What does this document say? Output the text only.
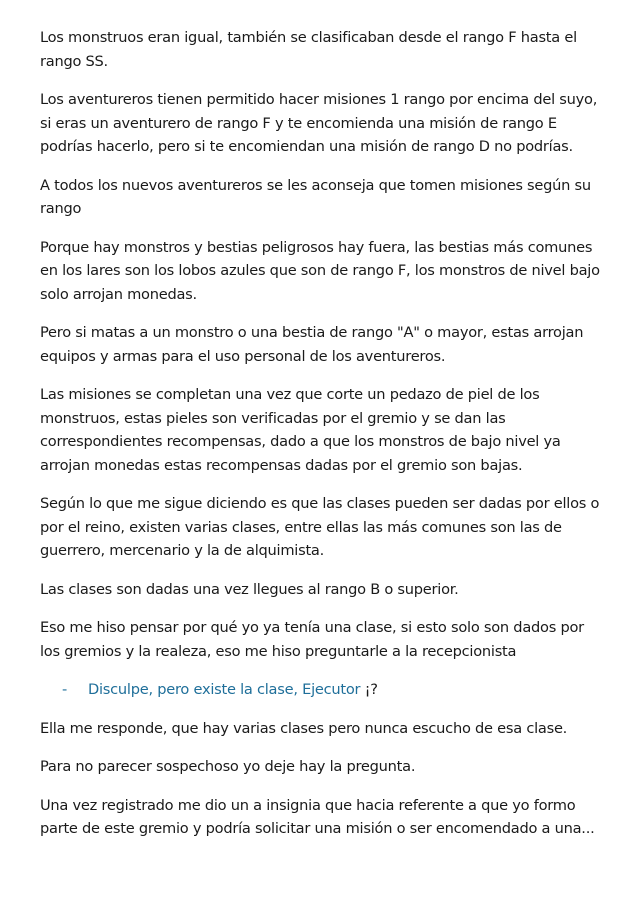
Los monstruos eran igual, también se clasificaban desde el rango F hasta el rango SS.

Los aventureros tienen permitido hacer misiones 1 rango por encima del suyo, si eras un aventurero de rango F y te encomienda una misión de rango E podrías hacerlo, pero si te encomiendan una misión de rango D no podrías.

A todos los nuevos aventureros se les aconseja que tomen misiones según su rango

Porque hay monstros y bestias peligrosos hay fuera, las bestias más comunes en los lares son los lobos azules que son de rango F, los monstros de nivel bajo solo arrojan monedas.

Pero si matas a un monstro o una bestia de rango "A" o mayor, estas arrojan equipos y armas para el uso personal de los aventureros.

Las misiones se completan una vez que corte un pedazo de piel de los monstruos, estas pieles son verificadas por el gremio y se dan las correspondientes recompensas, dado a que los monstros de bajo nivel ya arrojan monedas estas recompensas dadas por el gremio son bajas.

Según lo que me sigue diciendo es que las clases pueden ser dadas por ellos o por el reino, existen varias clases, entre ellas las más comunes son las de guerrero, mercenario y la de alquimista.

Las clases son dadas una vez llegues al rango B o superior.

Eso me hiso pensar por qué yo ya tenía una clase, si esto solo son dados por los gremios y la realeza, eso me hiso preguntarle a la recepcionista

-	Disculpe, pero existe la clase, Ejecutor ¡?

Ella me responde, que hay varias clases pero nunca escucho de esa clase.

Para no parecer sospechoso yo deje hay la pregunta.

Una vez registrado me dio un a insignia que hacia referente a que yo formo parte de este gremio y podría solicitar una misión o ser encomendado a una...
